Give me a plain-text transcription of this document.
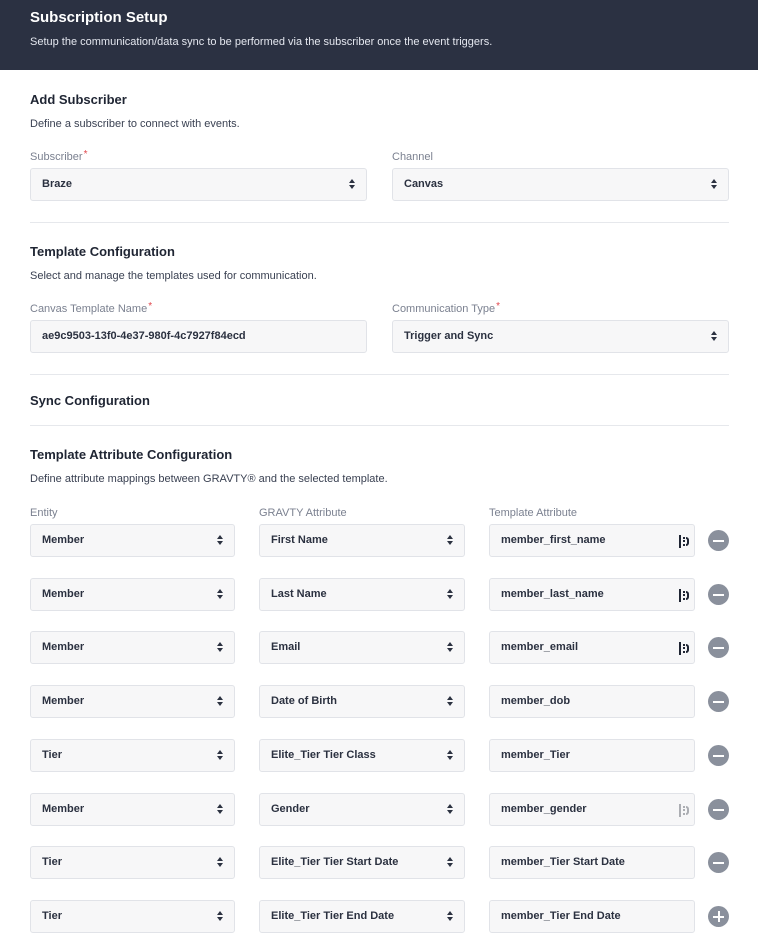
Subscription Setup
Setup the communication/data sync to be performed via the subscriber once the event triggers.
Add Subscriber
Define a subscriber to connect with events.
Subscriber*
Braze
Channel
Canvas
Template Configuration
Select and manage the templates used for communication.
Canvas Template Name*
ae9c9503-13f0-4e37-980f-4c7927f84ecd
Communication Type*
Trigger and Sync
Sync Configuration
Template Attribute Configuration
Define attribute mappings between GRAVTY® and the selected template.
Entity	GRAVTY Attribute	Template Attribute
Member	First Name	member_first_name
Member	Last Name	member_last_name
Member	Email	member_email
Member	Date of Birth	member_dob
Tier	Elite_Tier Tier Class	member_Tier
Member	Gender	member_gender
Tier	Elite_Tier Tier Start Date	member_Tier Start Date
Tier	Elite_Tier Tier End Date	member_Tier End Date
